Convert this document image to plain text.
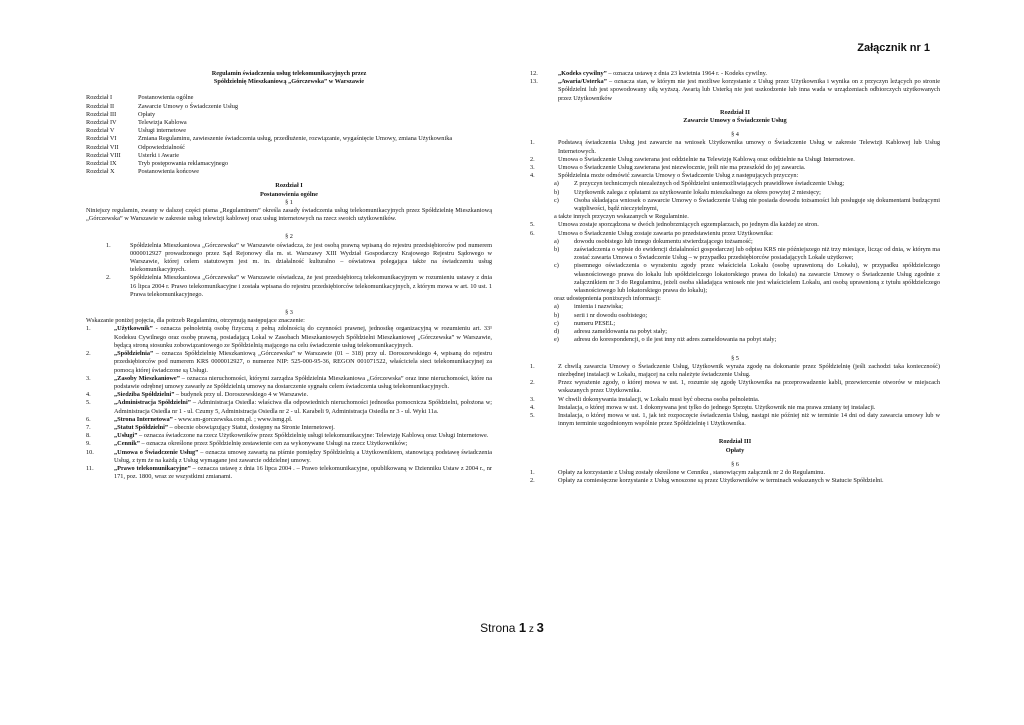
Załącznik nr 1
Regulamin świadczenia usług telekomunikacyjnych przez
Spółdzielnię Mieszkaniową „Górczewska” w Warszawie
Rozdział I	Postanowienia ogólne
Rozdział II	Zawarcie Umowy o Świadczenie Usług
Rozdział III	Opłaty
Rozdział IV	Telewizja Kablowa
Rozdział V	Usługi internetowe
Rozdział VI	Zmiana Regulaminu, zawieszenie świadczenia usług, przedłużenie, rozwiązanie, wygaśnięcie Umowy, zmiana Użytkownika
Rozdział VII	Odpowiedzialność
Rozdział VIII	Usterki i Awarie
Rozdział IX	Tryb postępowania reklamacyjnego
Rozdział X	Postanowienia końcowe
Rozdział I
Postanowienia ogólne
§ 1
Niniejszy regulamin, zwany w dalszej części pisma „Regulaminem” określa zasady świadczenia usług telekomunikacyjnych przez Spółdzielnię Mieszkaniową „Górczewska” w Warszawie w zakresie usług telewizji kablowej oraz usług internetowych na rzecz swoich użytkowników.
§ 2
1.	Spółdzielnia Mieszkaniowa „Górczewska” w Warszawie oświadcza, że jest osobą prawną wpisaną do rejestru przedsiębiorców pod numerem 0000012927 prowadzonego przez Sąd Rejonowy dla m. st. Warszawy XIII Wydział Gospodarczy Krajowego Rejestru Sądowego w Warszawie, której celem statutowym jest m. in. działalność kulturalno – oświatowa polegająca także na świadczeniu usług telekomunikacyjnych.
2.	Spółdzielnia Mieszkaniowa „Górczewska” w Warszawie oświadcza, że jest przedsiębiorcą telekomunikacyjnym w rozumieniu ustawy z dnia 16 lipca 2004 r. Prawo telekomunikacyjne i została wpisana do rejestru przedsiębiorców telekomunikacyjnych, z którym mowa w art. 10 ust. 1 Prawa telekomunikacyjnego.
§ 3
Wskazanie poniżej pojęcia, dla potrzeb Regulaminu, otrzymują następujące znaczenie:
1.	„Użytkownik” - oznacza pełnoletnią osobę fizyczną z pełną zdolnością do czynności prawnej, jednostkę organizacyjną w rozumieniu art. 33¹ Kodeksu Cywilnego oraz osobę prawną, posiadającą Lokal w Zasobach Mieszkaniowych Spółdzielni Mieszkaniowej „Górczewska” w Warszawie, będącą stroną stosunku zobowiązaniowego ze Spółdzielnią mającego na celu świadczenie usług telekomunikacyjnych.
2.	„Spółdzielnia” – oznacza Spółdzielnię Mieszkaniową „Górczewska” w Warszawie (01 – 318) przy ul. Doroszewskiego 4, wpisaną do rejestru przedsiębiorców pod numerem KRS 0000012927, o numerze NIP: 525-000-95-36, REGON 001071522, właściciela sieci telekomunikacyjnej za pomocą której świadczone są Usługi.
3.	„Zasoby Mieszkaniowe” – oznacza nieruchomości, którymi zarządza Spółdzielnia Mieszkaniowa „Górczewska” oraz inne nieruchomości, które na podstawie odrębnej umowy zawarły ze Spółdzielnią umowy na dostarczenie sygnału celem świadczenia usług telekomunikacyjnych.
4.	„Siedziba Spółdzielni” – budynek przy ul. Doroszewskiego 4 w Warszawie.
5.	„Administracja Spółdzielni” – Administracja Osiedla: właściwa dla odpowiednich nieruchomości jednostka pomocnicza Spółdzielni, położona w; Administracja Osiedla nr 1 - ul. Czumy 5, Administracja Osiedla nr 2 - ul. Karabeli 9, Administracja Osiedla nr 3 - ul. Wyki 11a.
6.	„Strona Internetowa” - www.sm-gorczewska.com.pl. ; www.ismg.pl.
7.	„Statut Spółdzielni” – obecnie obowiązujący Statut, dostępny na Stronie Internetowej.
8.	„Usługi” – oznacza świadczone na rzecz Użytkowników przez Spółdzielnię usługi telekomunikacyjne: Telewizję Kablową oraz Usługi Internetowe.
9.	„Cennik” – oznacza określone przez Spółdzielnię zestawienie cen za wykonywane Usługi na rzecz Użytkowników;
10.	„Umowa o Świadczenie Usług” – oznacza umowę zawartą na piśmie pomiędzy Spółdzielnią a Użytkownikiem, stanowiącą podstawę świadczenia Usług, z tym że na każdą z Usług wymagane jest zawarcie oddzielnej umowy.
11.	„Prawo telekomunikacyjne” – oznacza ustawę z dnia 16 lipca 2004 . – Prawo telekomunikacyjne, opublikowaną w Dzienniku Ustaw z 2004 r., nr 171, poz. 1800, wraz ze wszystkimi zmianami.
12.	„Kodeks cywilny” – oznacza ustawę z dnia 23 kwietnia 1964 r. - Kodeks cywilny.
13.	„Awaria/Usterka” – oznacza stan, w którym nie jest możliwe korzystanie z Usług przez Użytkownika i wynika on z przyczyn leżących po stronie Spółdzielni lub jest spowodowany siłą wyższą. Awarią lub Usterką nie jest uszkodzenie lub inna wada w urządzeniach odbiorczych użytkowanych przez Użytkowników
Rozdział II
Zawarcie Umowy o Świadczenie Usług
§ 4
1.	Podstawą świadczenia Usług jest zawarcie na wniosek Użytkownika umowy o Świadczenie Usług w zakresie Telewizji Kablowej lub Usług Internetowych.
2.	Umowa o Świadczenie Usług zawierana jest oddzielnie na Telewizję Kablową oraz oddzielnie na Usługi Internetowe.
3.	Umowa o Świadczenie Usług zawierana jest niezwłocznie, jeśli nie ma przeszkód do jej zawarcia.
4.	Spółdzielnia może odmówić zawarcia Umowy o Świadczenie Usług z następujących przyczyn:
a)	Z przyczyn technicznych niezależnych od Spółdzielni uniemożliwiających prawidłowe świadczenie Usług;
b)	Użytkownik zalega z opłatami za użytkowanie lokalu mieszkalnego za okres powyżej 2 miesięcy;
c)	Osoba składająca wniosek o zawarcie Umowy o Świadczenie Usług nie posiada dowodu tożsamości lub posługuje się dokumentami budzącymi wątpliwości, bądź nieczytelnymi,
a także innych przyczyn wskazanych w Regulaminie.
5.	Umowa zostaje sporządzona w dwóch jednobrzmiących egzemplarzach, po jednym dla każdej ze stron.
6.	Umowa o Świadczenie Usług zostaje zawarta po przedstawieniu przez Użytkownika:
a)	dowodu osobistego lub innego dokumentu stwierdzającego tożsamość;
b)	zaświadczenia o wpisie do ewidencji działalności gospodarczej lub odpisu KRS nie późniejszego niż trzy miesiące, licząc od dnia, w którym ma zostać zawarta Umowa o Świadczenie Usług – w przypadku przedsiębiorców posiadających Lokale użytkowe;
c)	pisemnego oświadczenia o wyrażeniu zgody przez właściciela Lokalu (osobę uprawnioną do Lokalu), w przypadku spółdzielczego własnościowego prawa do lokalu lub spółdzielczego lokatorskiego prawa do lokalu) na zawarcie Umowy o Świadczenie Usług zgodnie z załącznikiem nr 3 do Regulaminu, jeżeli osoba składająca wniosek nie jest właścicielem Lokalu, ani osobą uprawnioną z tytułu spółdzielczego własnościowego lub lokatorskiego prawa do lokalu);
oraz udostępnienia poniższych informacji:
a)	imienia i nazwiska;
b)	serii i nr dowodu osobistego;
c)	numeru PESEL;
d)	adresu zameldowania na pobyt stały;
e)	adresu do korespondencji, o ile jest inny niż adres zameldowania na pobyt stały;
§ 5
1.	Z chwilą zawarcia Umowy o Świadczenie Usług, Użytkownik wyraża zgodę na dokonanie przez Spółdzielnię (jeśli zachodzi taka konieczność) niezbędnej instalacji w Lokalu, mającej na celu należyte świadczenie Usług.
2.	Przez wyrażenie zgody, o której mowa w ust. 1, rozumie się zgodę Użytkownika na przeprowadzenie kabli, przewiercenie otworów w miejscach wskazanych przez Użytkownika.
3.	W chwili dokonywania instalacji, w Lokalu musi być obecna osoba pełnoletnia.
4.	Instalacja, o której mowa w ust. 1 dokonywana jest tylko do jednego Sprzętu. Użytkownik nie ma prawa zmiany tej instalacji.
5.	Instalacja, o której mowa w ust. 1, jak też rozpoczęcie świadczenia Usług, nastąpi nie później niż w terminie 14 dni od daty zawarcia umowy lub w innym terminie uzgodnionym wspólnie przez Spółdzielnię i Użytkownika.
Rozdział III
Opłaty
§ 6
1.	Opłaty za korzystanie z Usług zostały określone w Cenniku , stanowiącym załącznik nr 2 do Regulaminu.
2.	Opłaty za comiesięczne korzystanie z Usług wnoszone są przez Użytkowników w terminach wskazanych w Statucie Spółdzielni.
Strona 1 z 3
